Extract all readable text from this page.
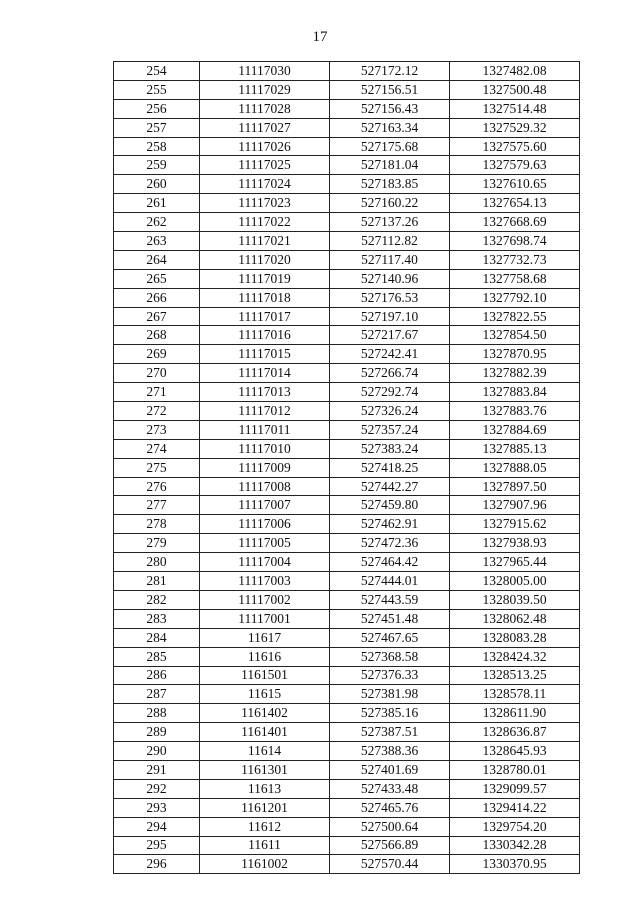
17
254	11117030	527172.12	1327482.08
255	11117029	527156.51	1327500.48
256	11117028	527156.43	1327514.48
257	11117027	527163.34	1327529.32
258	11117026	527175.68	1327575.60
259	11117025	527181.04	1327579.63
260	11117024	527183.85	1327610.65
261	11117023	527160.22	1327654.13
262	11117022	527137.26	1327668.69
263	11117021	527112.82	1327698.74
264	11117020	527117.40	1327732.73
265	11117019	527140.96	1327758.68
266	11117018	527176.53	1327792.10
267	11117017	527197.10	1327822.55
268	11117016	527217.67	1327854.50
269	11117015	527242.41	1327870.95
270	11117014	527266.74	1327882.39
271	11117013	527292.74	1327883.84
272	11117012	527326.24	1327883.76
273	11117011	527357.24	1327884.69
274	11117010	527383.24	1327885.13
275	11117009	527418.25	1327888.05
276	11117008	527442.27	1327897.50
277	11117007	527459.80	1327907.96
278	11117006	527462.91	1327915.62
279	11117005	527472.36	1327938.93
280	11117004	527464.42	1327965.44
281	11117003	527444.01	1328005.00
282	11117002	527443.59	1328039.50
283	11117001	527451.48	1328062.48
284	11617	527467.65	1328083.28
285	11616	527368.58	1328424.32
286	1161501	527376.33	1328513.25
287	11615	527381.98	1328578.11
288	1161402	527385.16	1328611.90
289	1161401	527387.51	1328636.87
290	11614	527388.36	1328645.93
291	1161301	527401.69	1328780.01
292	11613	527433.48	1329099.57
293	1161201	527465.76	1329414.22
294	11612	527500.64	1329754.20
295	11611	527566.89	1330342.28
296	1161002	527570.44	1330370.95
